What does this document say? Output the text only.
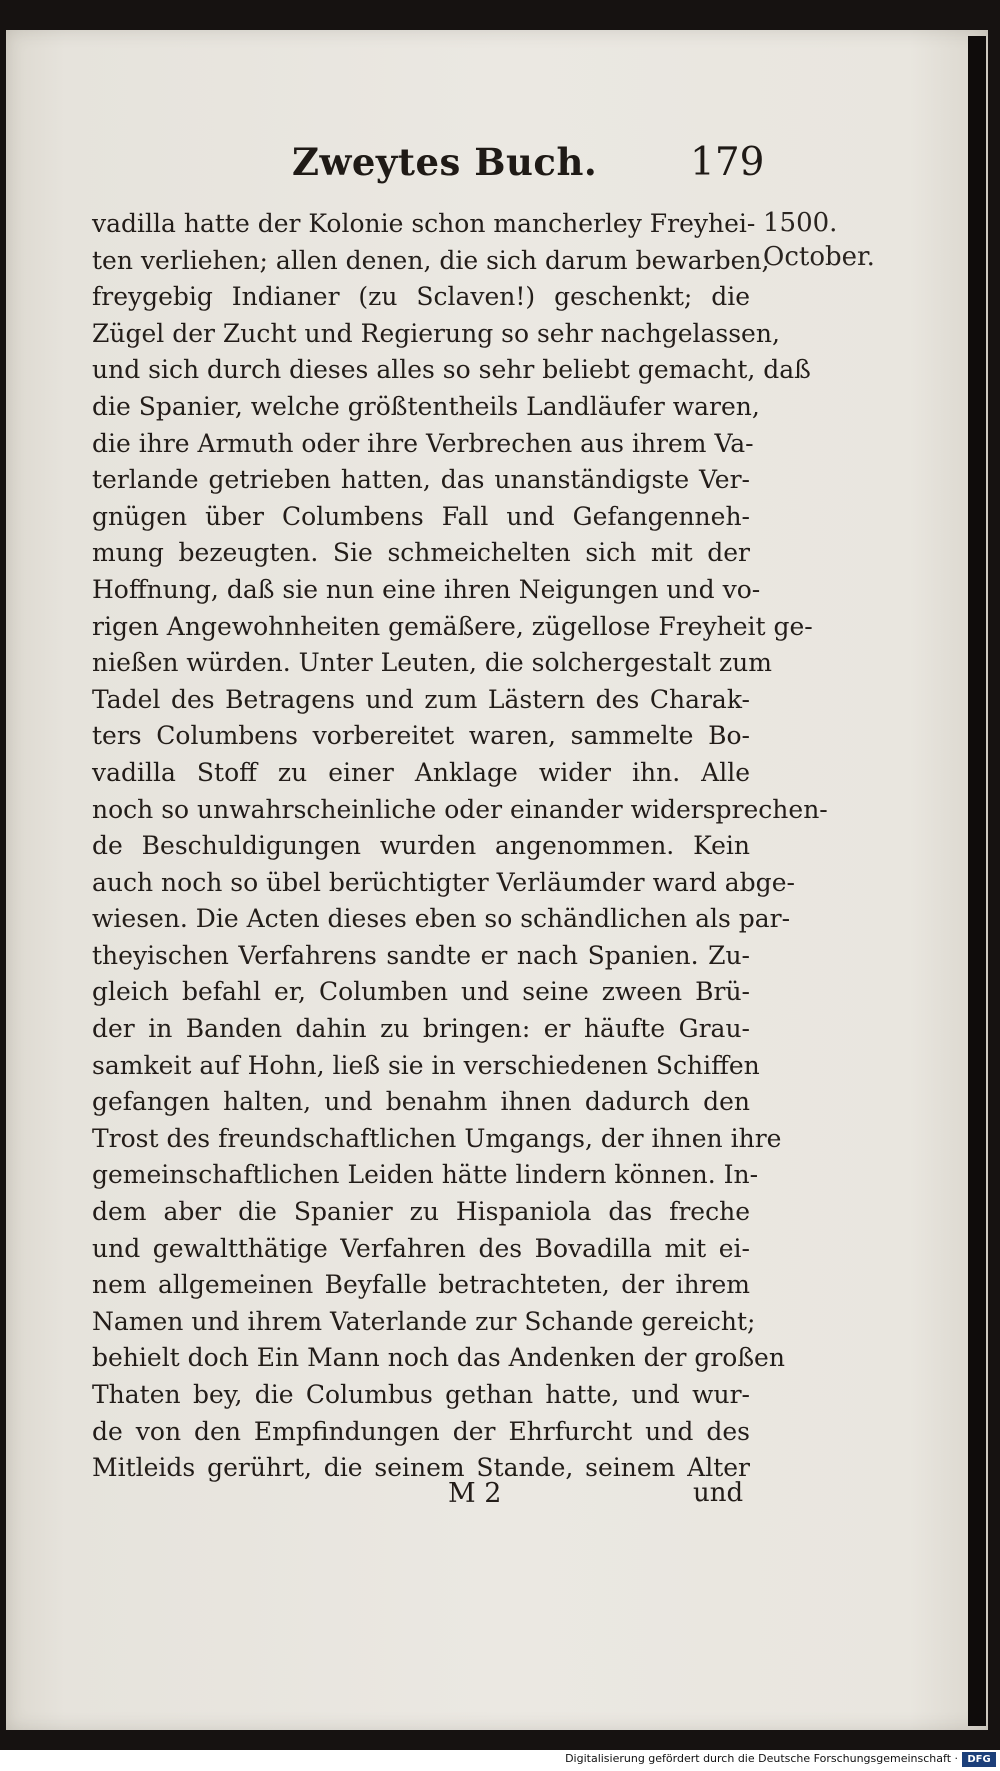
Zweytes Buch. 179
1500.
October.
vadilla hatte der Kolonie schon mancherley Freyhei-
ten verliehen; allen denen, die sich darum bewarben,
freygebig Indianer (zu Sclaven!) geschenkt; die
Zügel der Zucht und Regierung so sehr nachgelassen,
und sich durch dieses alles so sehr beliebt gemacht, daß
die Spanier, welche größtentheils Landläufer waren,
die ihre Armuth oder ihre Verbrechen aus ihrem Va-
terlande getrieben hatten, das unanständigste Ver-
gnügen über Columbens Fall und Gefangenneh-
mung bezeugten. Sie schmeichelten sich mit der
Hoffnung, daß sie nun eine ihren Neigungen und vo-
rigen Angewohnheiten gemäßere, zügellose Freyheit ge-
nießen würden. Unter Leuten, die solchergestalt zum
Tadel des Betragens und zum Lästern des Charak-
ters Columbens vorbereitet waren, sammelte Bo-
vadilla Stoff zu einer Anklage wider ihn. Alle
noch so unwahrscheinliche oder einander widersprechen-
de Beschuldigungen wurden angenommen. Kein
auch noch so übel berüchtigter Verläumder ward abge-
wiesen. Die Acten dieses eben so schändlichen als par-
theyischen Verfahrens sandte er nach Spanien. Zu-
gleich befahl er, Columben und seine zween Brü-
der in Banden dahin zu bringen: er häufte Grau-
samkeit auf Hohn, ließ sie in verschiedenen Schiffen
gefangen halten, und benahm ihnen dadurch den
Trost des freundschaftlichen Umgangs, der ihnen ihre
gemeinschaftlichen Leiden hätte lindern können. In-
dem aber die Spanier zu Hispaniola das freche
und gewaltthätige Verfahren des Bovadilla mit ei-
nem allgemeinen Beyfalle betrachteten, der ihrem
Namen und ihrem Vaterlande zur Schande gereicht;
behielt doch Ein Mann noch das Andenken der großen
Thaten bey, die Columbus gethan hatte, und wur-
de von den Empfindungen der Ehrfurcht und des
Mitleids gerührt, die seinem Stande, seinem Alter
M 2	und
Digitalisierung gefördert durch die Deutsche Forschungsgemeinschaft · DFG
